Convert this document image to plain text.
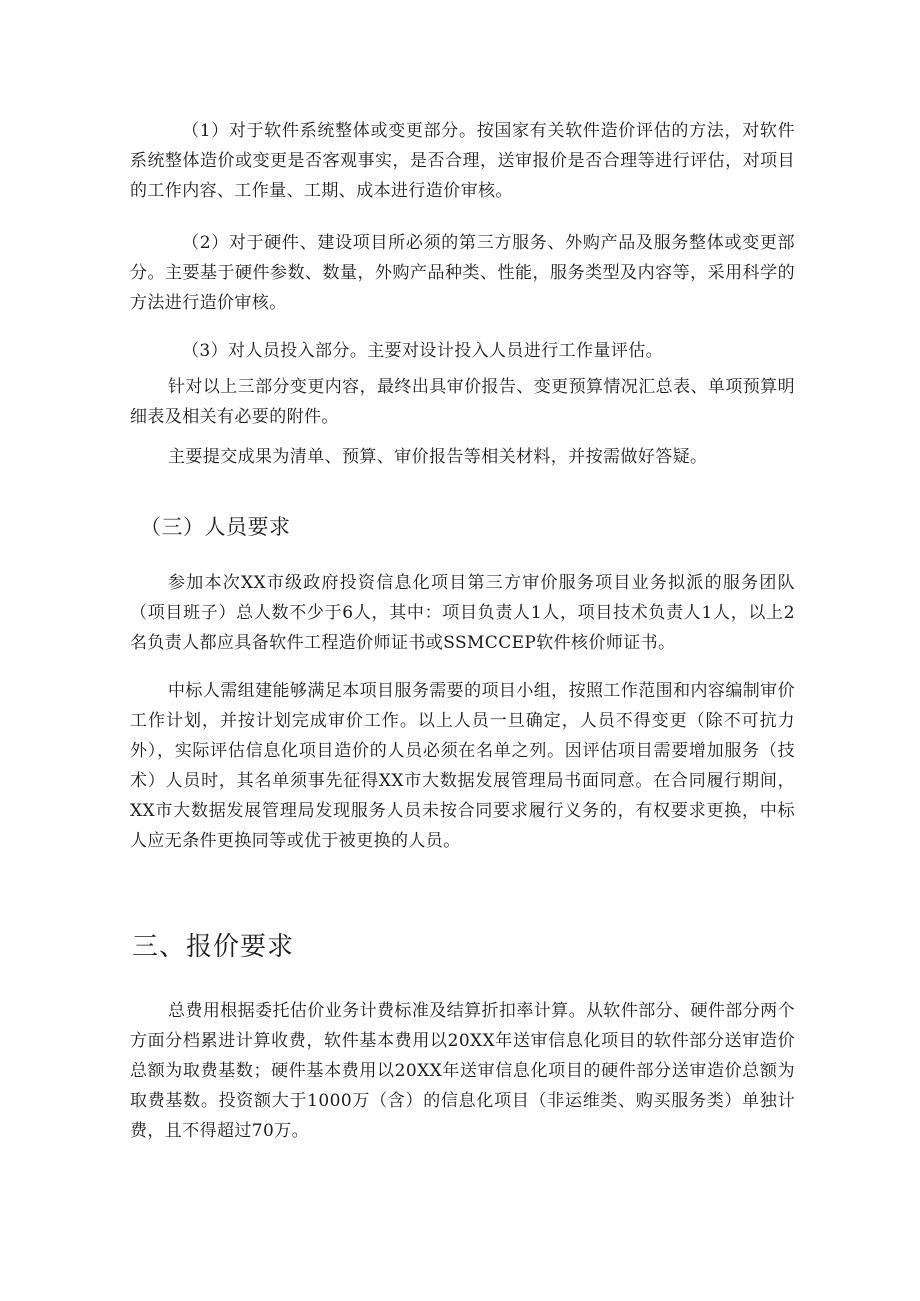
（1）对于软件系统整体或变更部分。按国家有关软件造价评估的方法，对软件系统整体造价或变更是否客观事实，是否合理，送审报价是否合理等进行评估，对项目的工作内容、工作量、工期、成本进行造价审核。

（2）对于硬件、建设项目所必须的第三方服务、外购产品及服务整体或变更部分。主要基于硬件参数、数量，外购产品种类、性能，服务类型及内容等，采用科学的方法进行造价审核。

（3）对人员投入部分。主要对设计投入人员进行工作量评估。

针对以上三部分变更内容，最终出具审价报告、变更预算情况汇总表、单项预算明细表及相关有必要的附件。

主要提交成果为清单、预算、审价报告等相关材料，并按需做好答疑。

（三）人员要求

参加本次XX市级政府投资信息化项目第三方审价服务项目业务拟派的服务团队（项目班子）总人数不少于6人，其中：项目负责人1人，项目技术负责人1人，以上2名负责人都应具备软件工程造价师证书或SSMCCEP软件核价师证书。

中标人需组建能够满足本项目服务需要的项目小组，按照工作范围和内容编制审价工作计划，并按计划完成审价工作。以上人员一旦确定，人员不得变更（除不可抗力外），实际评估信息化项目造价的人员必须在名单之列。因评估项目需要增加服务（技术）人员时，其名单须事先征得XX市大数据发展管理局书面同意。在合同履行期间，XX市大数据发展管理局发现服务人员未按合同要求履行义务的，有权要求更换，中标人应无条件更换同等或优于被更换的人员。

三、报价要求

总费用根据委托估价业务计费标准及结算折扣率计算。从软件部分、硬件部分两个方面分档累进计算收费，软件基本费用以20XX年送审信息化项目的软件部分送审造价总额为取费基数；硬件基本费用以20XX年送审信息化项目的硬件部分送审造价总额为取费基数。投资额大于1000万（含）的信息化项目（非运维类、购买服务类）单独计费，且不得超过70万。
